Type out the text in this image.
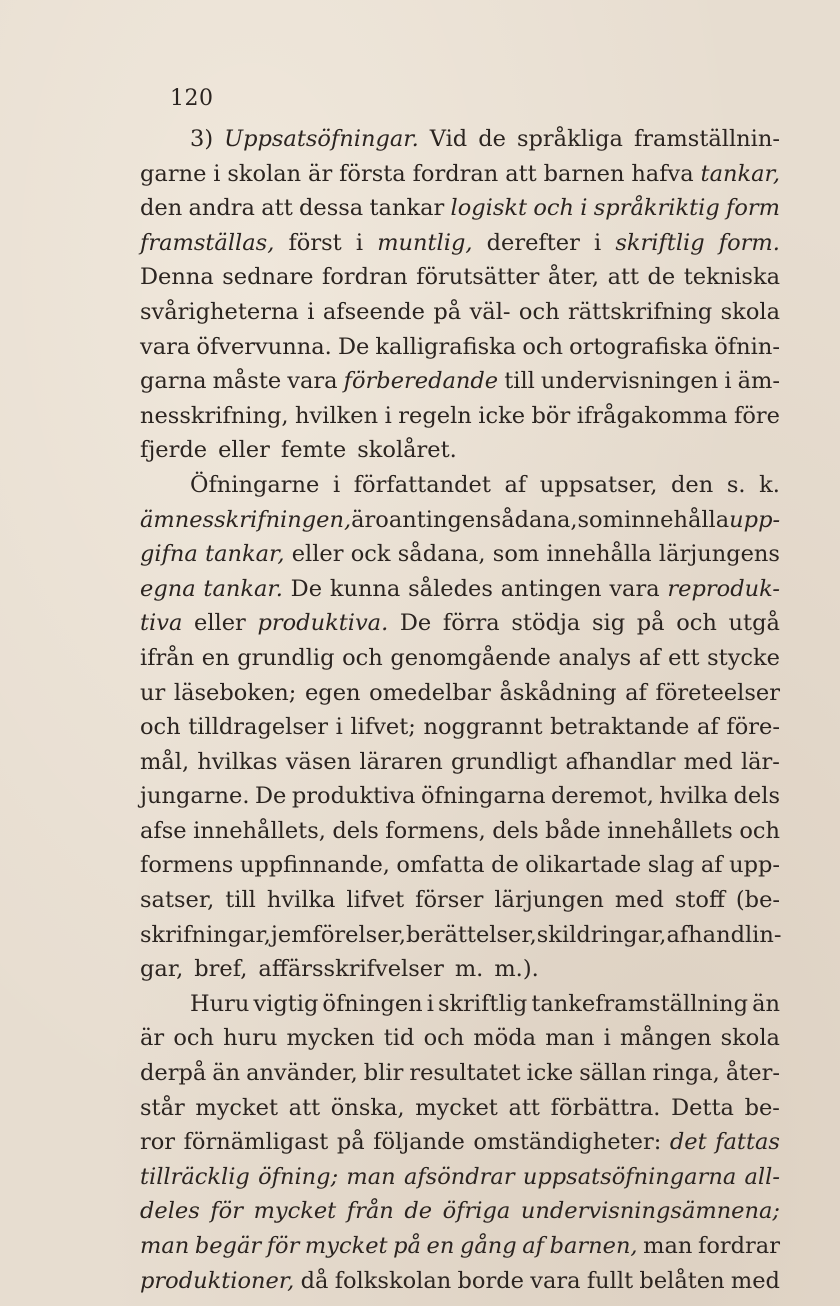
120
3) Uppsatsöfningar. Vid de språkliga framställnin-
garne i skolan är första fordran att barnen hafva tankar,
den andra att dessa tankar logiskt och i språkriktig form
framställas, först i muntlig, derefter i skriftlig form.
Denna sednare fordran förutsätter åter, att de tekniska
svårigheterna i afseende på väl- och rättskrifning skola
vara öfvervunna. De kalligrafiska och ortografiska öfnin-
garna måste vara förberedande till undervisningen i äm-
nesskrifning, hvilken i regeln icke bör ifrågakomma före
fjerde eller femte skolåret.
Öfningarne i författandet af uppsatser, den s. k.
ämnesskrifningen, äro antingen sådana, som innehålla upp-
gifna tankar, eller ock sådana, som innehålla lärjungens
egna tankar. De kunna således antingen vara reproduk-
tiva eller produktiva. De förra stödja sig på och utgå
ifrån en grundlig och genomgående analys af ett stycke
ur läseboken; egen omedelbar åskådning af företeelser
och tilldragelser i lifvet; noggrannt betraktande af före-
mål, hvilkas väsen läraren grundligt afhandlar med lär-
jungarne. De produktiva öfningarna deremot, hvilka dels
afse innehållets, dels formens, dels både innehållets och
formens uppfinnande, omfatta de olikartade slag af upp-
satser, till hvilka lifvet förser lärjungen med stoff (be-
skrifningar, jemförelser, berättelser, skildringar, afhandlin-
gar, bref, affärsskrifvelser m. m.).
Huru vigtig öfningen i skriftlig tankeframställning än
är och huru mycken tid och möda man i mången skola
derpå än använder, blir resultatet icke sällan ringa, åter-
står mycket att önska, mycket att förbättra. Detta be-
ror förnämligast på följande omständigheter: det fattas
tillräcklig öfning; man afsöndrar uppsatsöfningarna all-
deles för mycket från de öfriga undervisningsämnena;
man begär för mycket på en gång af barnen, man fordrar
produktioner, då folkskolan borde vara fullt belåten med
